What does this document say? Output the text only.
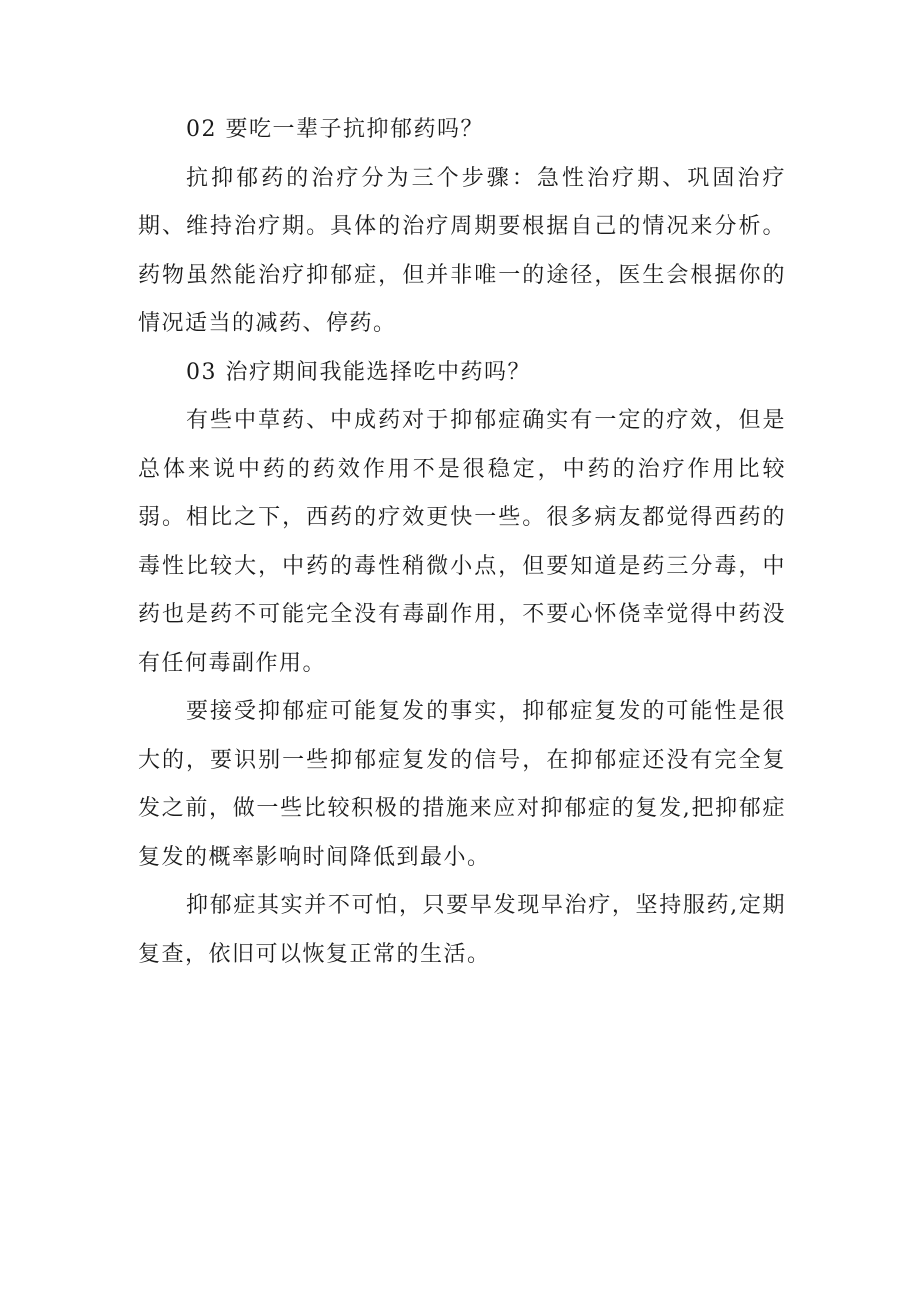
02 要吃一辈子抗抑郁药吗？

抗抑郁药的治疗分为三个步骤：急性治疗期、巩固治疗期、维持治疗期。具体的治疗周期要根据自己的情况来分析。药物虽然能治疗抑郁症，但并非唯一的途径，医生会根据你的情况适当的减药、停药。

03 治疗期间我能选择吃中药吗？

有些中草药、中成药对于抑郁症确实有一定的疗效，但是总体来说中药的药效作用不是很稳定，中药的治疗作用比较弱。相比之下，西药的疗效更快一些。很多病友都觉得西药的毒性比较大，中药的毒性稍微小点，但要知道是药三分毒，中药也是药不可能完全没有毒副作用，不要心怀侥幸觉得中药没有任何毒副作用。

要接受抑郁症可能复发的事实，抑郁症复发的可能性是很大的，要识别一些抑郁症复发的信号，在抑郁症还没有完全复发之前，做一些比较积极的措施来应对抑郁症的复发,把抑郁症复发的概率影响时间降低到最小。

抑郁症其实并不可怕，只要早发现早治疗，坚持服药,定期复查，依旧可以恢复正常的生活。
